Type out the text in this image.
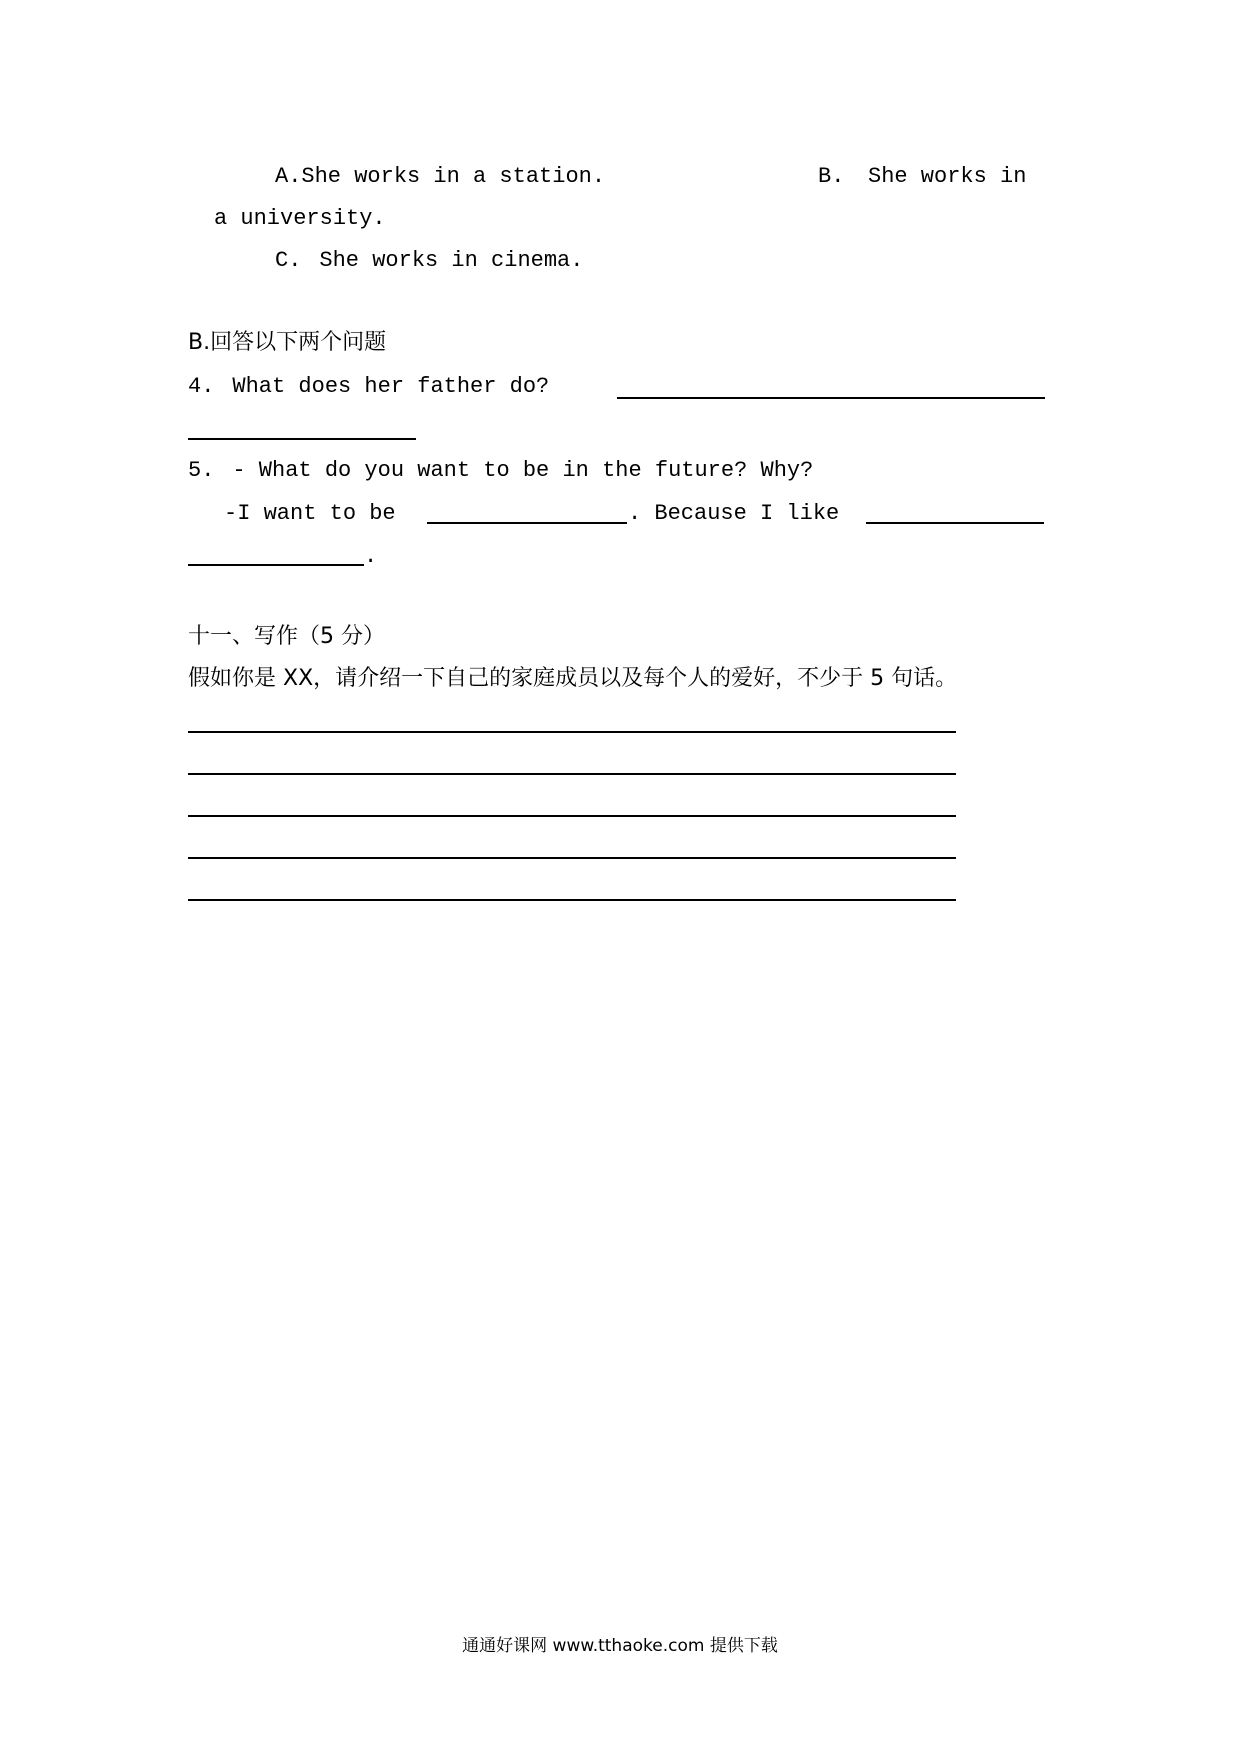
A.She works in a station.	B. She works in
a university.
C. She works in cinema.
B.回答以下两个问题
4. What does her father do?
5. - What do you want to be in the future? Why?
-I want to be	. Because I like
.
十一、写作（5 分）
假如你是 XX，请介绍一下自己的家庭成员以及每个人的爱好，不少于 5 句话。
通通好课网 www.tthaoke.com 提供下载
